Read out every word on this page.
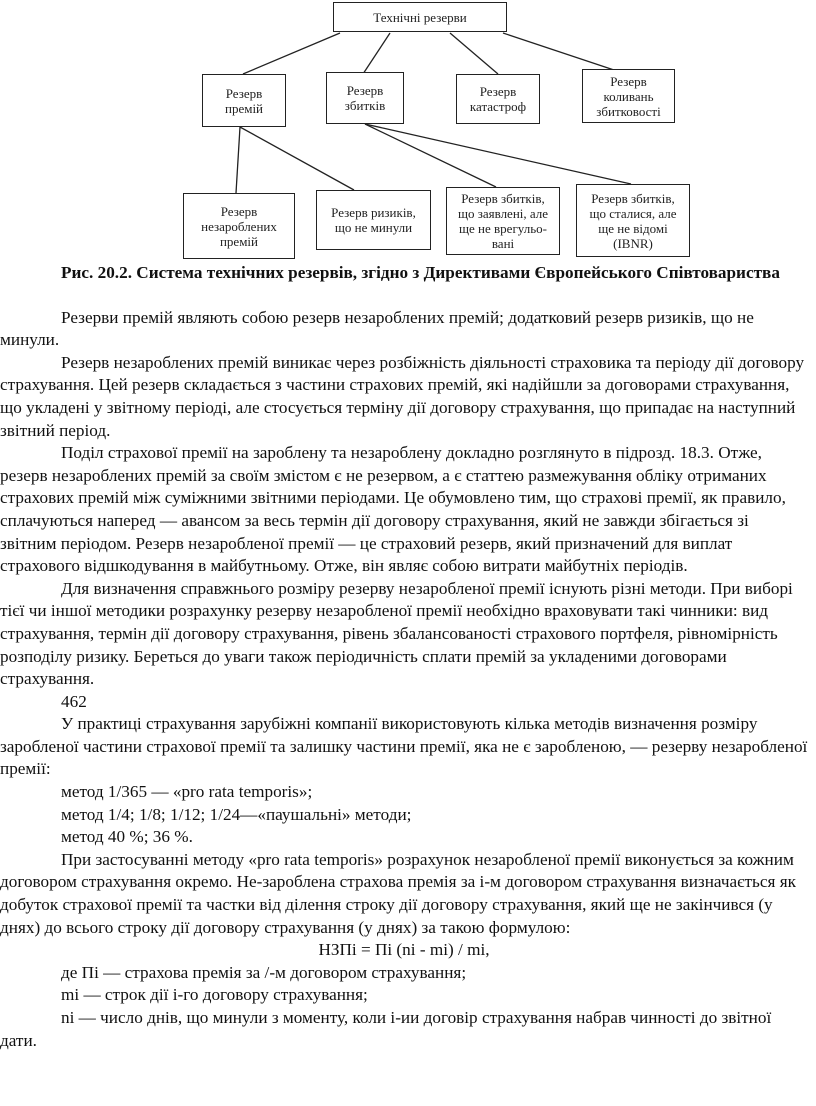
Технічні резерви
Резерв
премій
Резерв
збитків
Резерв
катастроф
Резерв
коливань
збитковості
Резерв
незароблених
премій
Резерв ризиків,
що не минули
Резерв збитків,
що заявлені, але
ще не врегульо-
вані
Резерв збитків,
що сталися, але
ще не відомі
(IBNR)

Рис. 20.2. Система технічних резервів, згідно з Директивами Європейського Співтовариства

Резерви премій являють собою резерв незароблених премій; додатковий резерв ризиків, що не минули.

Резерв незароблених премій виникає через розбіжність діяльності страховика та періоду дії договору страхування. Цей резерв складається з частини страхових премій, які надійшли за договорами страхування, що укладені у звітному періоді, але стосується терміну дії договору страхування, що припадає на наступний звітний період.

Поділ страхової премії на зароблену та незароблену докладно розглянуто в підрозд. 18.3. Отже, резерв незароблених премій за своїм змістом є не резервом, а є статтею размежування обліку отриманих страхових премій між суміжними звітними періодами. Це обумовлено тим, що страхові премії, як правило, сплачуються наперед — авансом за весь термін дії договору страхування, який не завжди збігається зі звітним періодом. Резерв незаробленої премії — це страховий резерв, який призначений для виплат страхового відшкодування в майбутньому. Отже, він являє собою витрати майбутніх періодів.

Для визначення справжнього розміру резерву незаробленої премії існують різні методи. При виборі тієї чи іншої методики розрахунку резерву незаробленої премії необхідно враховувати такі чинники: вид страхування, термін дії договору страхування, рівень збалансованості страхового портфеля, рівномірність розподілу ризику. Береться до уваги також періодичність сплати премій за укладеними договорами страхування.

462

У практиці страхування зарубіжні компанії використовують кілька методів визначення розміру заробленої частини страхової премії та залишку частини премії, яка не є заробленою, — резерву незаробленої премії:

метод 1/365 — «pro rata temporis»;

метод 1/4; 1/8; 1/12; 1/24—«паушальні» методи;

метод 40 %; 36 %.

При застосуванні методу «pro rata temporis» розрахунок незаробленої премії виконується за кожним договором страхування окремо. Не-зароблена страхова премія за і-м договором страхування визначається як добуток страхової премії та частки від ділення строку дії договору страхування, який ще не закінчився (у днях) до всього строку дії договору страхування (у днях) за такою формулою:

НЗПі = Пі (ni - mi) / mi,

де Пі — страхова премія за /-м договором страхування;

mi — строк дії і-го договору страхування;

ni — число днів, що минули з моменту, коли і-ии договір страхування набрав чинності до звітної дати.
